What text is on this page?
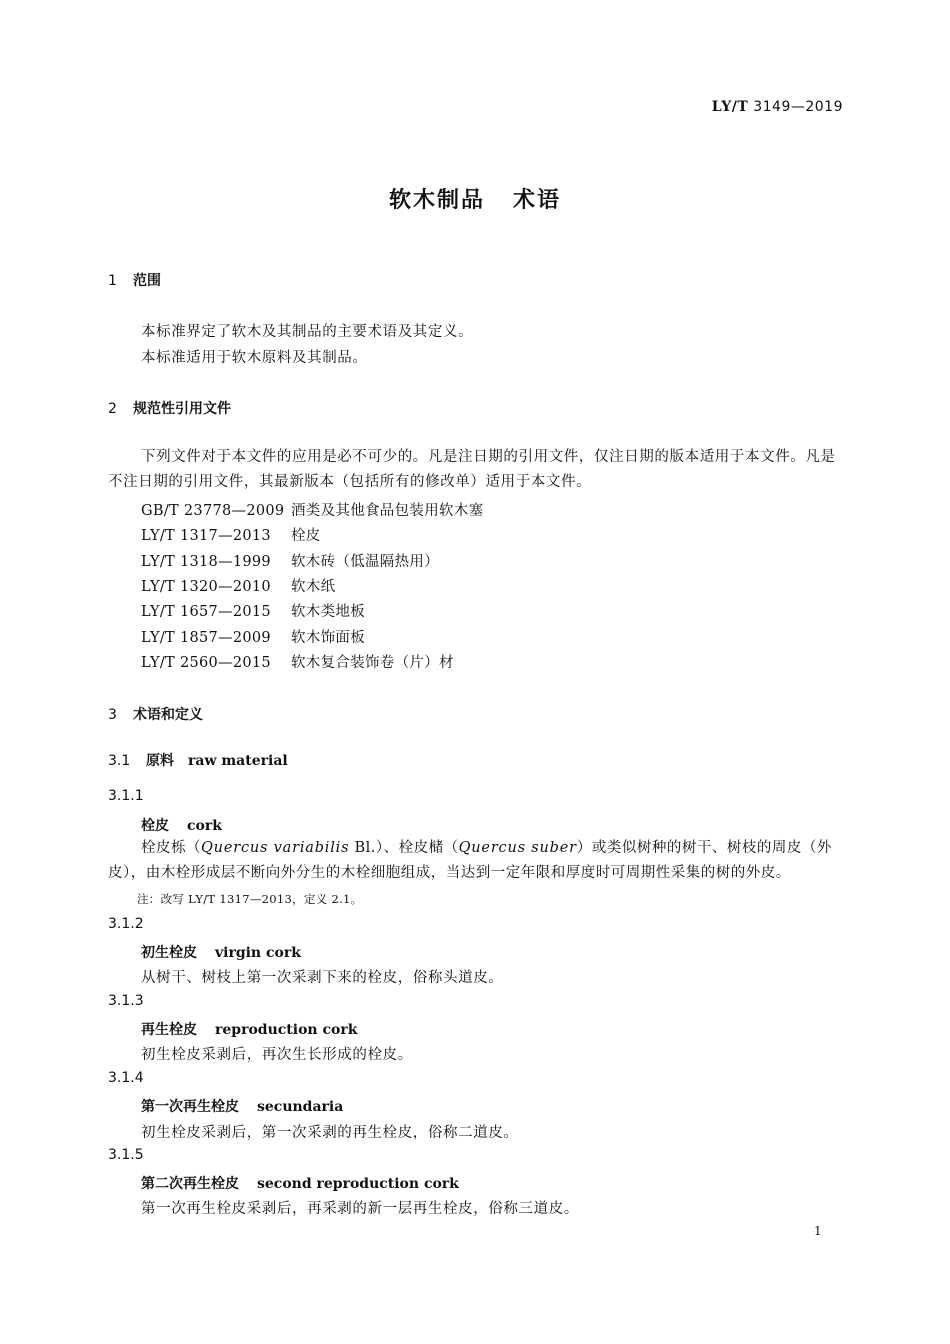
LY/T 3149—2019
软木制品 术语
1 范围
本标准界定了软木及其制品的主要术语及其定义。
本标准适用于软木原料及其制品。
2 规范性引用文件
下列文件对于本文件的应用是必不可少的。凡是注日期的引用文件，仅注日期的版本适用于本文件。凡是不注日期的引用文件，其最新版本（包括所有的修改单）适用于本文件。
GB/T 23778—2009 酒类及其他食品包装用软木塞
LY/T 1317—2013 栓皮
LY/T 1318—1999 软木砖（低温隔热用）
LY/T 1320—2010 软木纸
LY/T 1657—2015 软木类地板
LY/T 1857—2009 软木饰面板
LY/T 2560—2015 软木复合装饰卷（片）材
3 术语和定义
3.1 原料 raw material
3.1.1
栓皮 cork
栓皮栎（Quercus variabilis Bl.）、栓皮槠（Quercus suber）或类似树种的树干、树枝的周皮（外皮），由木栓形成层不断向外分生的木栓细胞组成，当达到一定年限和厚度时可周期性采集的树的外皮。
注：改写 LY/T 1317—2013，定义 2.1。
3.1.2
初生栓皮 virgin cork
从树干、树枝上第一次采剥下来的栓皮，俗称头道皮。
3.1.3
再生栓皮 reproduction cork
初生栓皮采剥后，再次生长形成的栓皮。
3.1.4
第一次再生栓皮 secundaria
初生栓皮采剥后，第一次采剥的再生栓皮，俗称二道皮。
3.1.5
第二次再生栓皮 second reproduction cork
第一次再生栓皮采剥后，再采剥的新一层再生栓皮，俗称三道皮。
1
